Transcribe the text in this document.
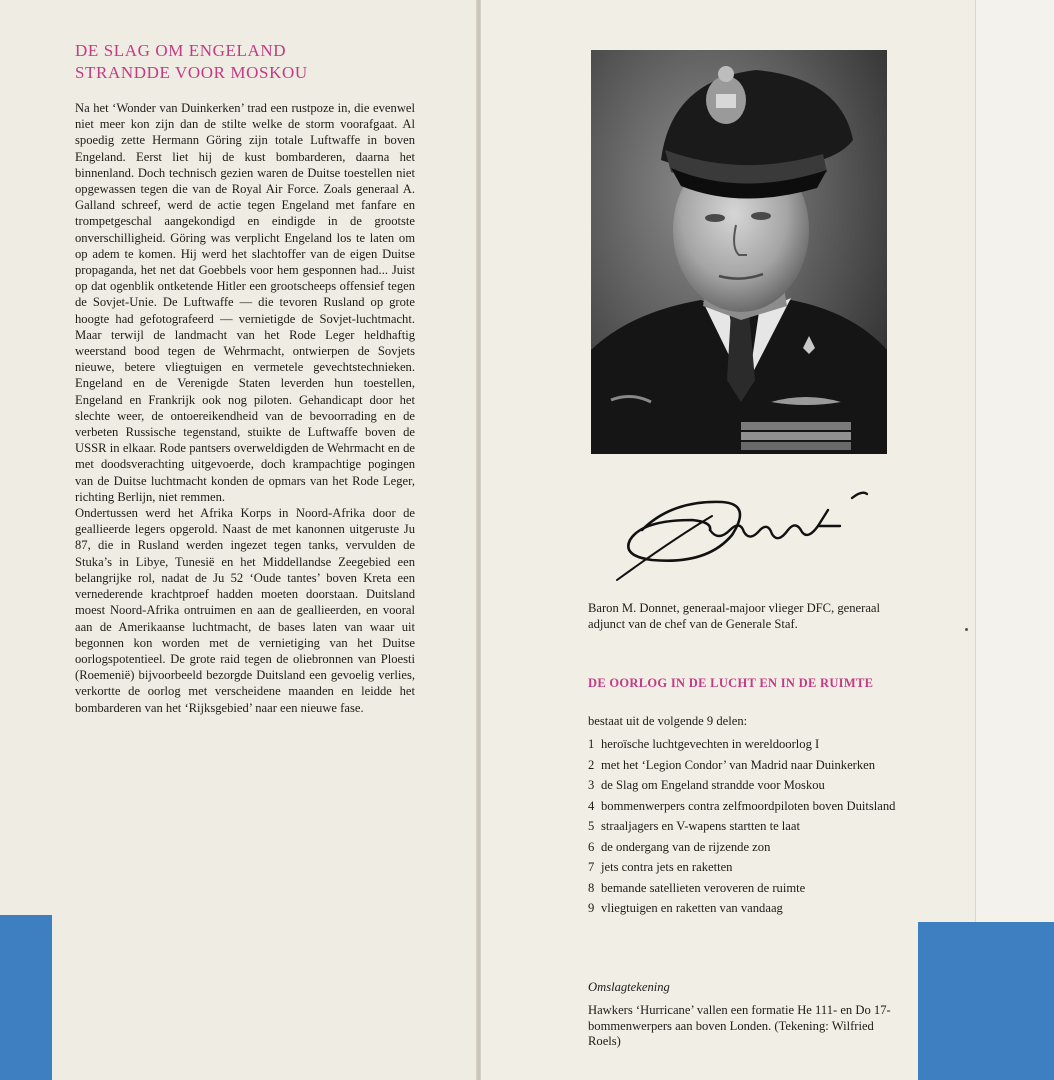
DE SLAG OM ENGELAND
STRANDDE VOOR MOSKOU

Na het ‘Wonder van Duinkerken’ trad een rustpoze in, die evenwel niet meer kon zijn dan de stilte welke de storm voorafgaat. Al spoedig zette Hermann Göring zijn totale Luftwaffe in boven Engeland. Eerst liet hij de kust bombarderen, daarna het binnenland. Doch technisch gezien waren de Duitse toestellen niet opgewassen tegen die van de Royal Air Force. Zoals generaal A. Galland schreef, werd de actie tegen Engeland met fanfare en trompetgeschal aangekondigd en eindigde in de grootste onverschilligheid. Göring was verplicht Engeland los te laten om op adem te komen. Hij werd het slachtoffer van de eigen Duitse propaganda, het net dat Goebbels voor hem gesponnen had... Juist op dat ogenblik ontketende Hitler een grootscheeps offensief tegen de Sovjet-Unie. De Luftwaffe — die tevoren Rusland op grote hoogte had gefotografeerd — vernietigde de Sovjet-luchtmacht. Maar terwijl de landmacht van het Rode Leger heldhaftig weerstand bood tegen de Wehrmacht, ontwierpen de Sovjets nieuwe, betere vliegtuigen en vermetele gevechtstechnieken. Engeland en de Verenigde Staten leverden hun toestellen, Engeland en Frankrijk ook nog piloten. Gehandicapt door het slechte weer, de ontoereikendheid van de bevoorrading en de verbeten Russische tegenstand, stuikte de Luftwaffe boven de USSR in elkaar. Rode pantsers overweldigden de Wehrmacht en de met doodsverachting uitgevoerde, doch krampachtige pogingen van de Duitse luchtmacht konden de opmars van het Rode Leger, richting Berlijn, niet remmen.

Ondertussen werd het Afrika Korps in Noord-Afrika door de geallieerde legers opgerold. Naast de met kanonnen uitgeruste Ju 87, die in Rusland werden ingezet tegen tanks, vervulden de Stuka’s in Libye, Tunesië en het Middellandse Zeegebied een belangrijke rol, nadat de Ju 52 ‘Oude tantes’ boven Kreta een vernederende krachtproef hadden moeten doorstaan. Duitsland moest Noord-Afrika ontruimen en aan de geallieerden, en vooral aan de Amerikaanse luchtmacht, de bases laten van waar uit begonnen kon worden met de vernietiging van het Duitse oorlogspotentieel. De grote raid tegen de oliebronnen van Ploesti (Roemenië) bijvoorbeeld bezorgde Duitsland een gevoelig verlies, verkortte de oorlog met verscheidene maanden en leidde het bombarderen van het ‘Rijksgebied’ naar een nieuwe fase.

Baron M. Donnet, generaal-majoor vlieger DFC, generaal adjunct van de chef van de Generale Staf.

DE OORLOG IN DE LUCHT EN IN DE RUIMTE

bestaat uit de volgende 9 delen:

1 heroïsche luchtgevechten in wereldoorlog I
2 met het ‘Legion Condor’ van Madrid naar Duinkerken
3 de Slag om Engeland strandde voor Moskou
4 bommenwerpers contra zelfmoordpiloten boven Duitsland
5 straaljagers en V-wapens startten te laat
6 de ondergang van de rijzende zon
7 jets contra jets en raketten
8 bemande satellieten veroveren de ruimte
9 vliegtuigen en raketten van vandaag

Omslagtekening

Hawkers ‘Hurricane’ vallen een formatie He 111- en Do 17-bommenwerpers aan boven Londen. (Tekening: Wilfried Roels)
